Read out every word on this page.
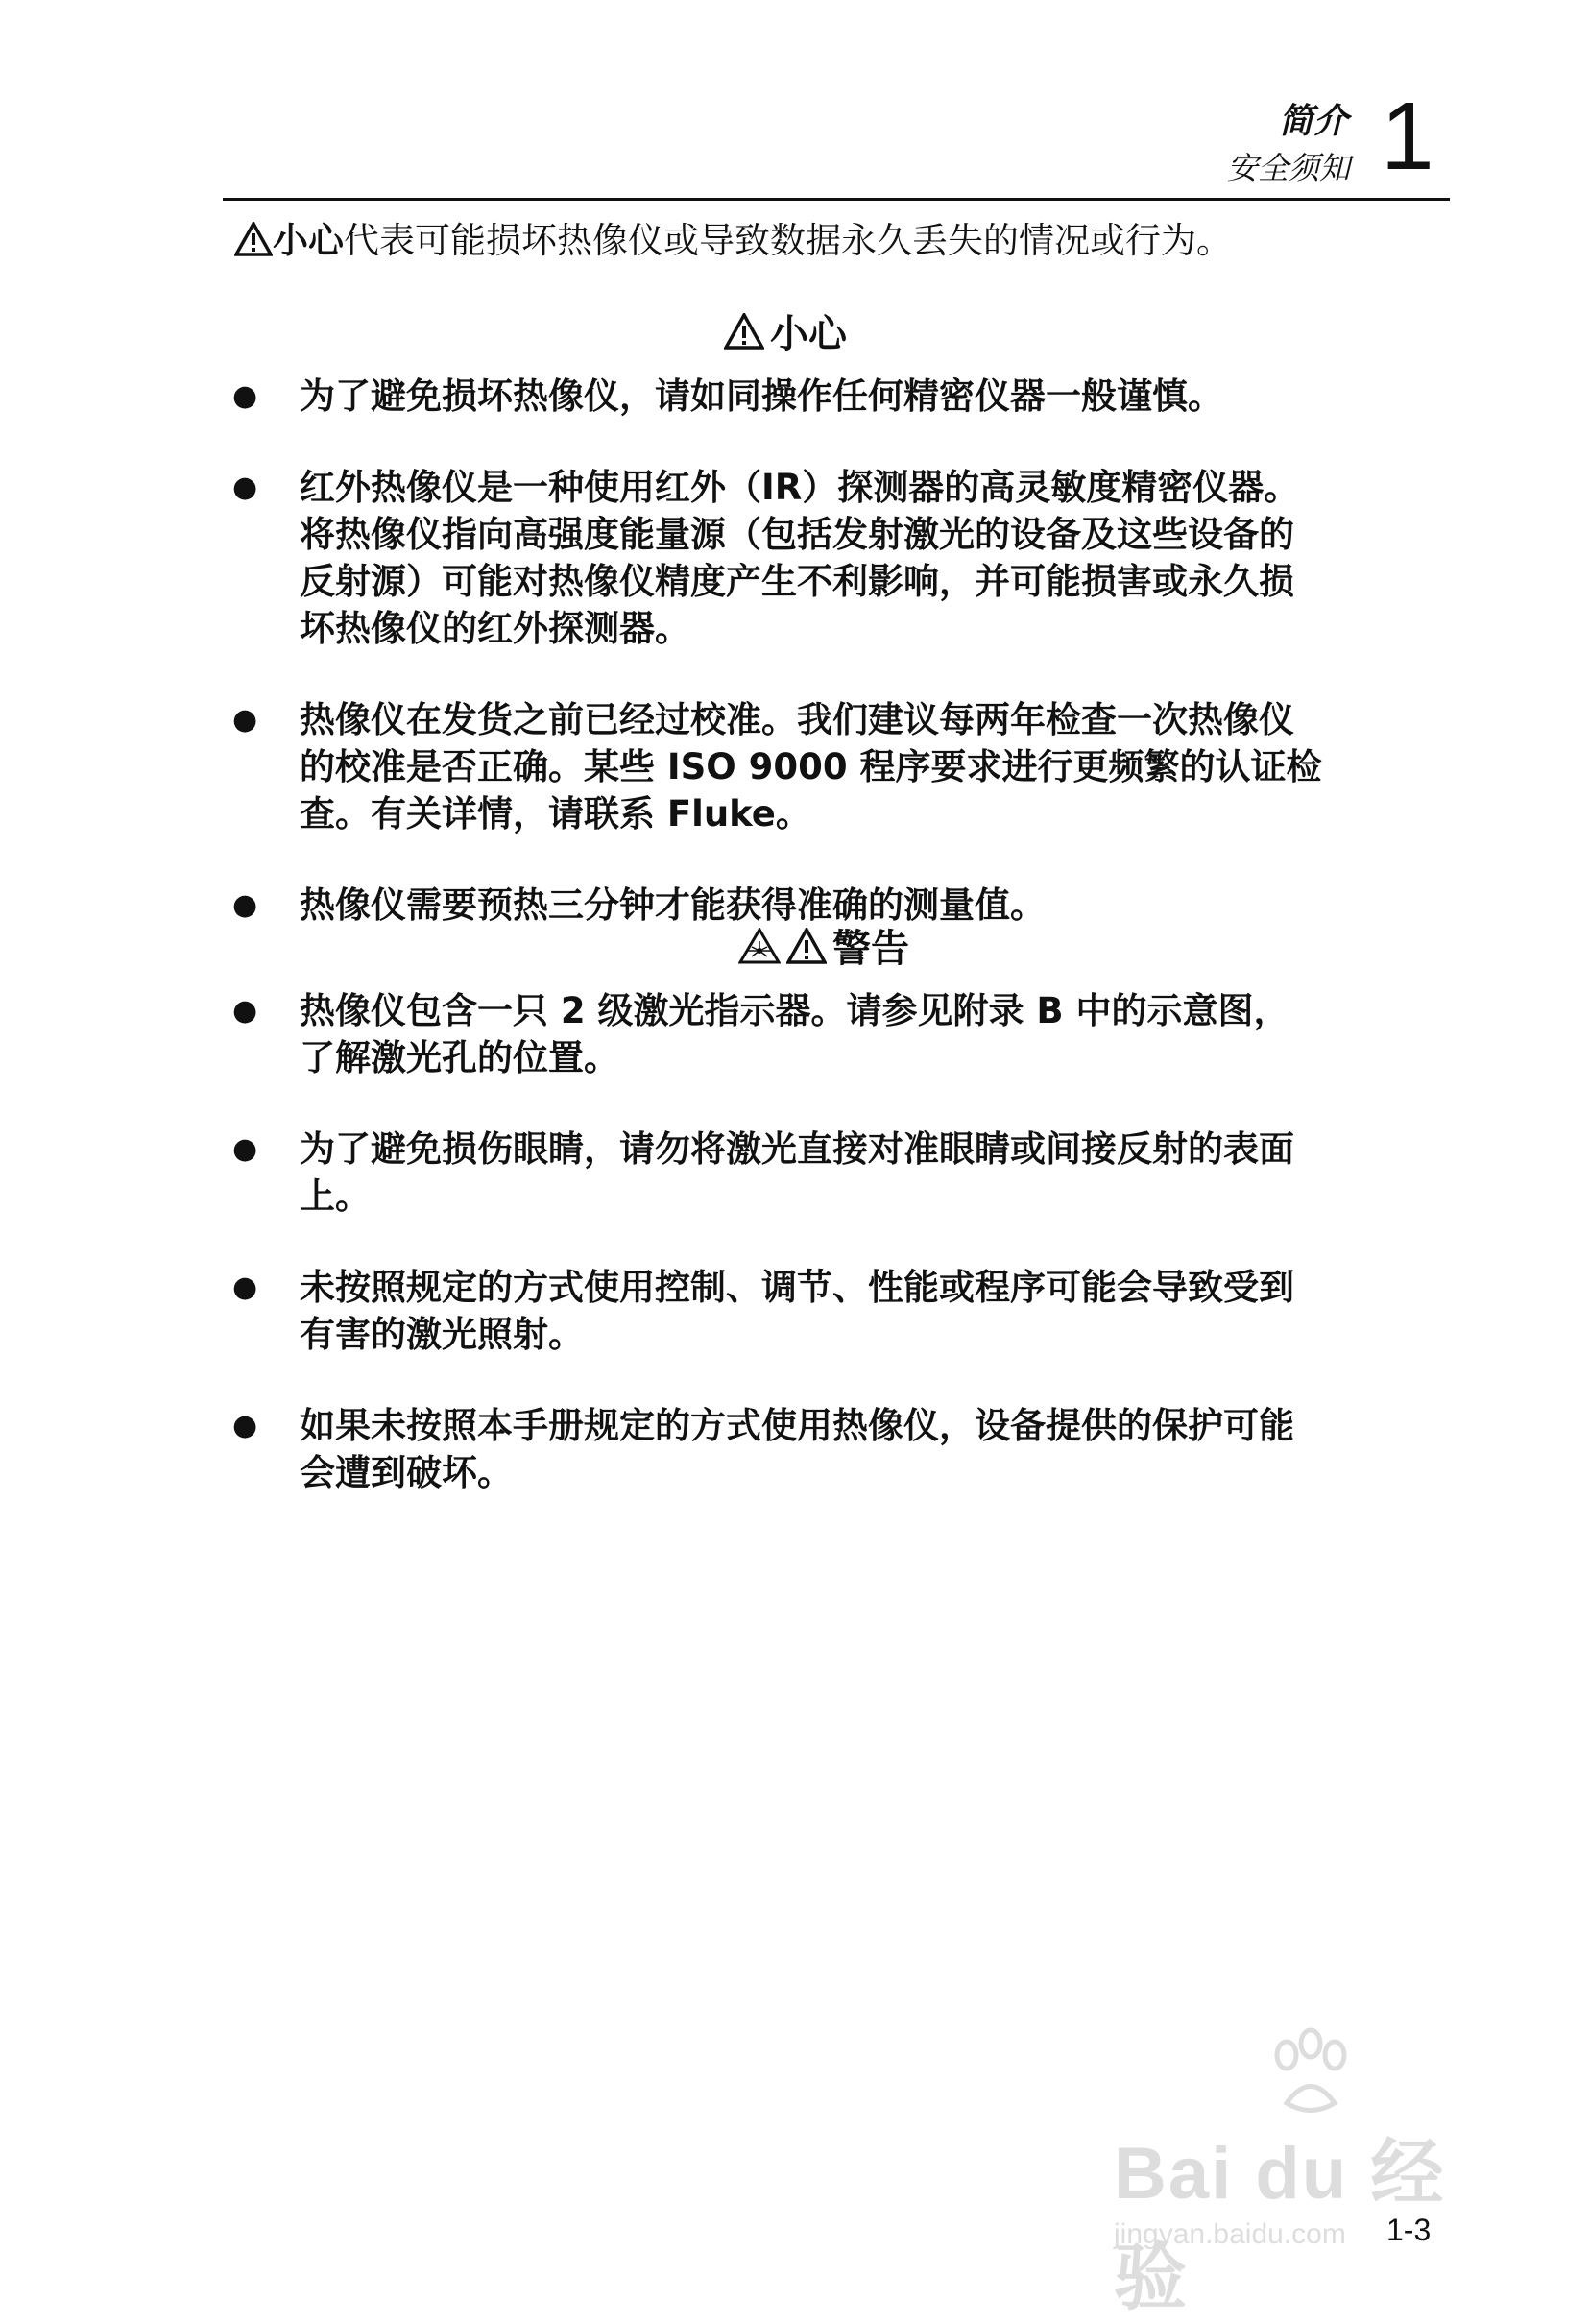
简介
安全须知 1
小心代表可能损坏热像仪或导致数据永久丢失的情况或行为。
小心
● 为了避免损坏热像仪，请如同操作任何精密仪器一般谨慎。
● 红外热像仪是一种使用红外（IR）探测器的高灵敏度精密仪器。
将热像仪指向高强度能量源（包括发射激光的设备及这些设备的
反射源）可能对热像仪精度产生不利影响，并可能损害或永久损
坏热像仪的红外探测器。
● 热像仪在发货之前已经过校准。我们建议每两年检查一次热像仪
的校准是否正确。某些 ISO 9000 程序要求进行更频繁的认证检
查。有关详情，请联系 Fluke。
● 热像仪需要预热三分钟才能获得准确的测量值。
警告
● 热像仪包含一只 2 级激光指示器。请参见附录 B 中的示意图，
了解激光孔的位置。
● 为了避免损伤眼睛，请勿将激光直接对准眼睛或间接反射的表面
上。
● 未按照规定的方式使用控制、调节、性能或程序可能会导致受到
有害的激光照射。
● 如果未按照本手册规定的方式使用热像仪，设备提供的保护可能
会遭到破坏。
Bai du 经验
jingyan.baidu.com 1-3
